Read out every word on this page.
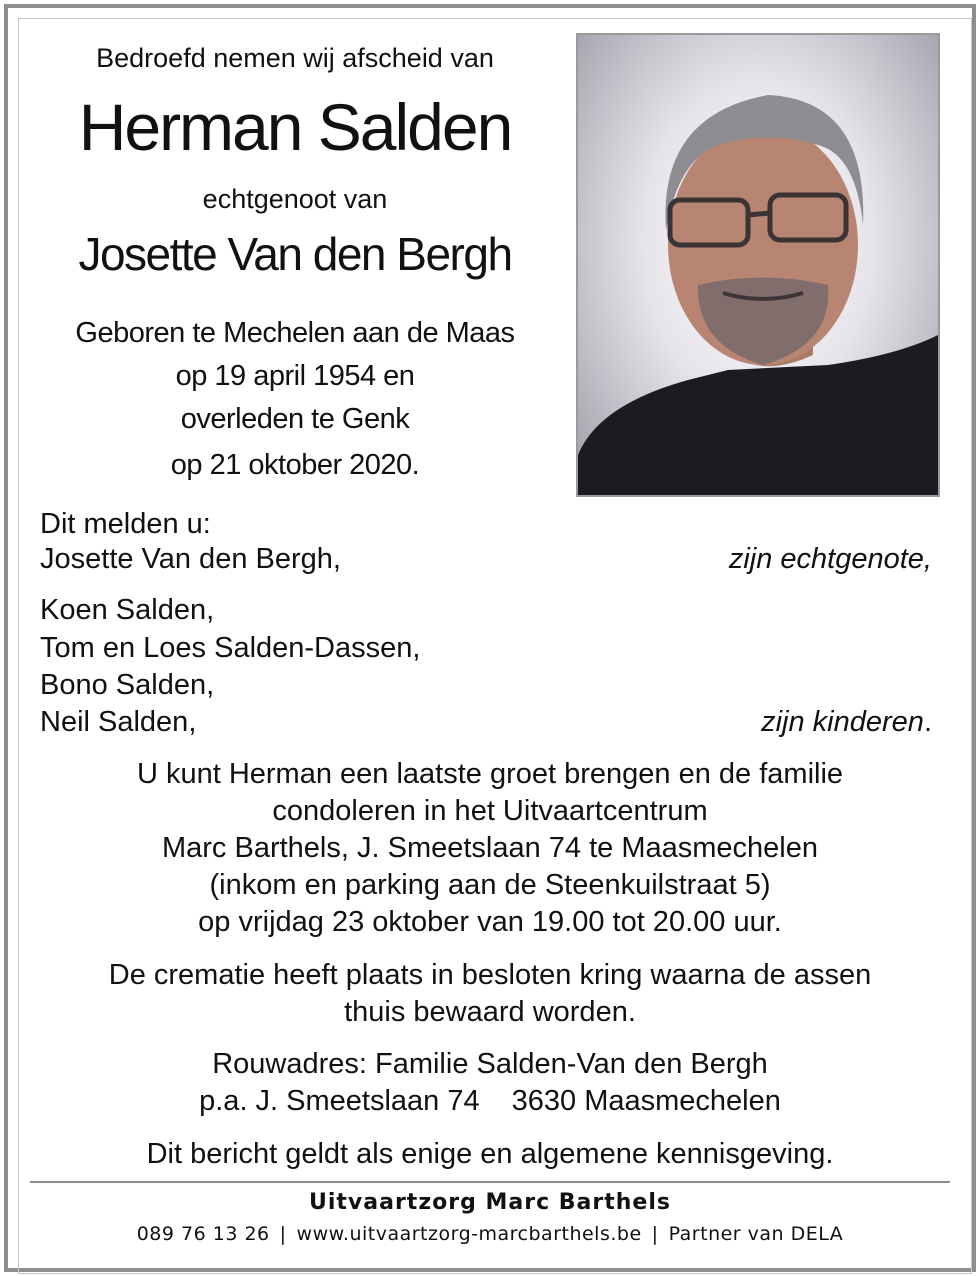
Bedroefd nemen wij afscheid van
Herman Salden
echtgenoot van
Josette Van den Bergh
Geboren te Mechelen aan de Maas
op 19 april 1954 en
overleden te Genk
op 21 oktober 2020.
Dit melden u:
Josette Van den Bergh,	zijn echtgenote,
Koen Salden,
Tom en Loes Salden-Dassen,
Bono Salden,
Neil Salden,	zijn kinderen.
U kunt Herman een laatste groet brengen en de familie
condoleren in het Uitvaartcentrum
Marc Barthels, J. Smeetslaan 74 te Maasmechelen
(inkom en parking aan de Steenkuilstraat 5)
op vrijdag 23 oktober van 19.00 tot 20.00 uur.
De crematie heeft plaats in besloten kring waarna de assen
thuis bewaard worden.
Rouwadres: Familie Salden-Van den Bergh
p.a. J. Smeetslaan 74 3630 Maasmechelen
Dit bericht geldt als enige en algemene kennisgeving.
Uitvaartzorg Marc Barthels
089 76 13 26 | www.uitvaartzorg-marcbarthels.be | Partner van DELA
